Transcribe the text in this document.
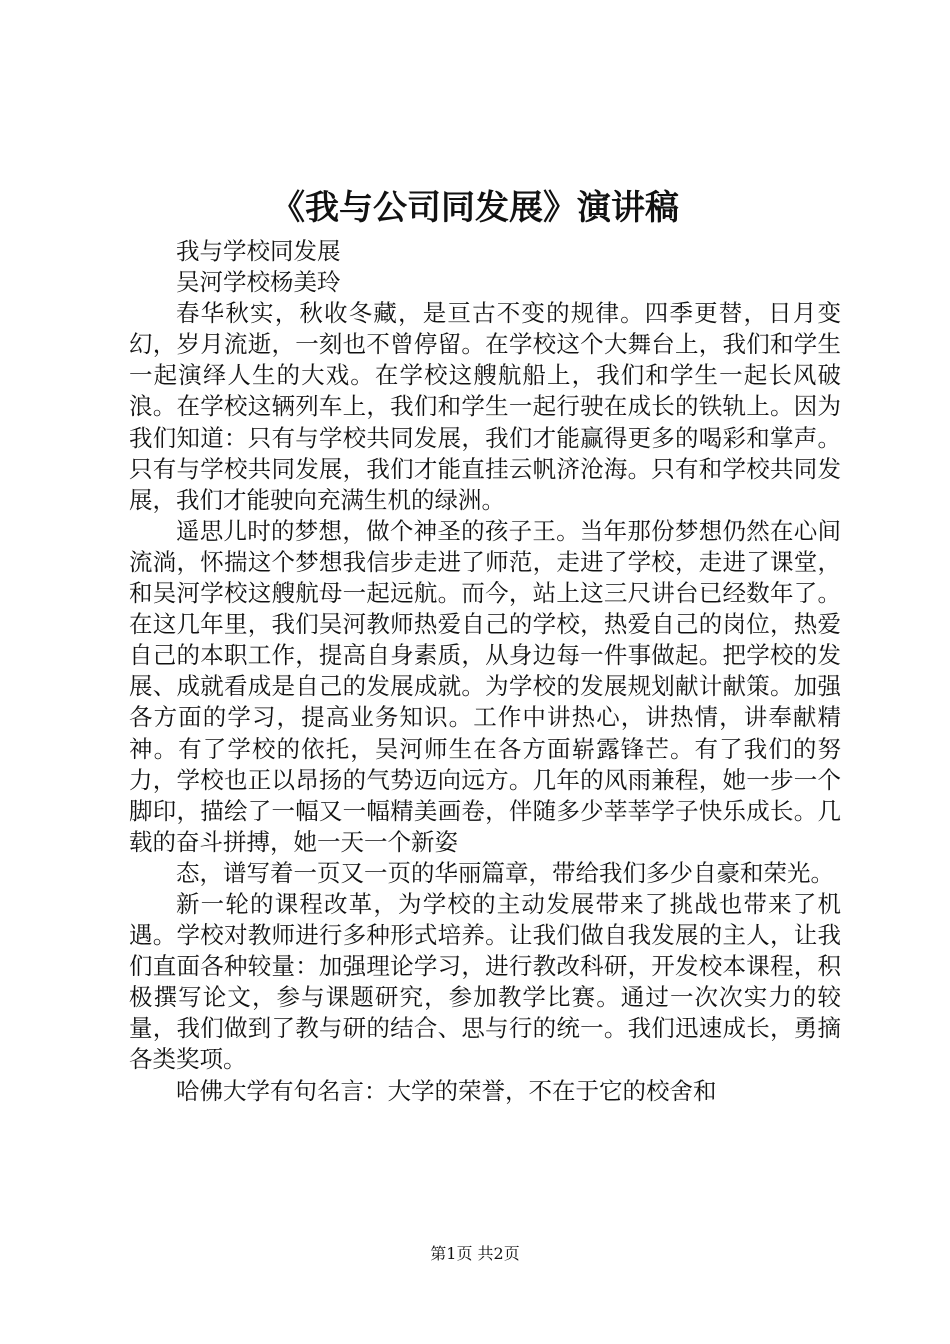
《我与公司同发展》演讲稿

我与学校同发展

吴河学校杨美玲

春华秋实，秋收冬藏，是亘古不变的规律。四季更替，日月变幻，岁月流逝，一刻也不曾停留。在学校这个大舞台上，我们和学生一起演绎人生的大戏。在学校这艘航船上，我们和学生一起长风破浪。在学校这辆列车上，我们和学生一起行驶在成长的铁轨上。因为我们知道：只有与学校共同发展，我们才能赢得更多的喝彩和掌声。只有与学校共同发展，我们才能直挂云帆济沧海。只有和学校共同发展，我们才能驶向充满生机的绿洲。

遥思儿时的梦想，做个神圣的孩子王。当年那份梦想仍然在心间流淌，怀揣这个梦想我信步走进了师范，走进了学校，走进了课堂，和吴河学校这艘航母一起远航。而今，站上这三尺讲台已经数年了。在这几年里，我们吴河教师热爱自己的学校，热爱自己的岗位，热爱自己的本职工作，提高自身素质，从身边每一件事做起。把学校的发展、成就看成是自己的发展成就。为学校的发展规划献计献策。加强各方面的学习，提高业务知识。工作中讲热心，讲热情，讲奉献精神。有了学校的依托，吴河师生在各方面崭露锋芒。有了我们的努力，学校也正以昂扬的气势迈向远方。几年的风雨兼程，她一步一个脚印，描绘了一幅又一幅精美画卷，伴随多少莘莘学子快乐成长。几载的奋斗拼搏，她一天一个新姿

态，谱写着一页又一页的华丽篇章，带给我们多少自豪和荣光。

新一轮的课程改革，为学校的主动发展带来了挑战也带来了机遇。学校对教师进行多种形式培养。让我们做自我发展的主人，让我们直面各种较量：加强理论学习，进行教改科研，开发校本课程，积极撰写论文，参与课题研究，参加教学比赛。通过一次次实力的较量，我们做到了教与研的结合、思与行的统一。我们迅速成长，勇摘各类奖项。

哈佛大学有句名言：大学的荣誉，不在于它的校舍和

第1页 共2页
